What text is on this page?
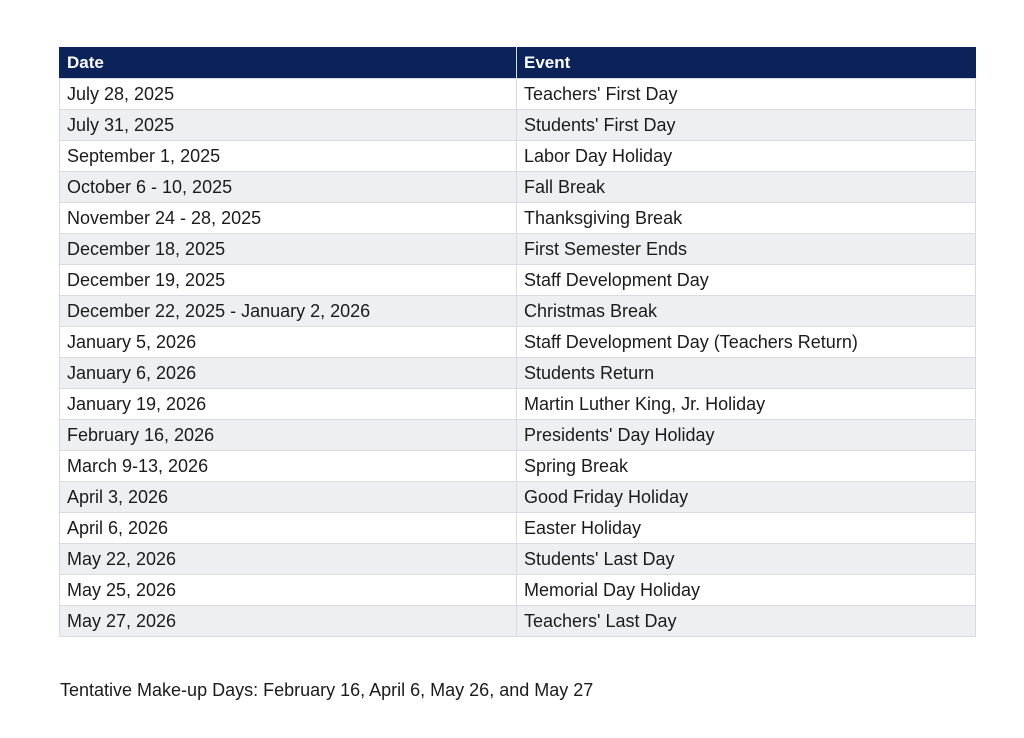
Date	Event
July 28, 2025	Teachers' First Day
July 31, 2025	Students' First Day
September 1, 2025	Labor Day Holiday
October 6 - 10, 2025	Fall Break
November 24 - 28, 2025	Thanksgiving Break
December 18, 2025	First Semester Ends
December 19, 2025	Staff Development Day
December 22, 2025 - January 2, 2026	Christmas Break
January 5, 2026	Staff Development Day (Teachers Return)
January 6, 2026	Students Return
January 19, 2026	Martin Luther King, Jr. Holiday
February 16, 2026	Presidents' Day Holiday
March 9-13, 2026	Spring Break
April 3, 2026	Good Friday Holiday
April 6, 2026	Easter Holiday
May 22, 2026	Students' Last Day
May 25, 2026	Memorial Day Holiday
May 27, 2026	Teachers' Last Day
Tentative Make-up Days: February 16, April 6, May 26, and May 27
